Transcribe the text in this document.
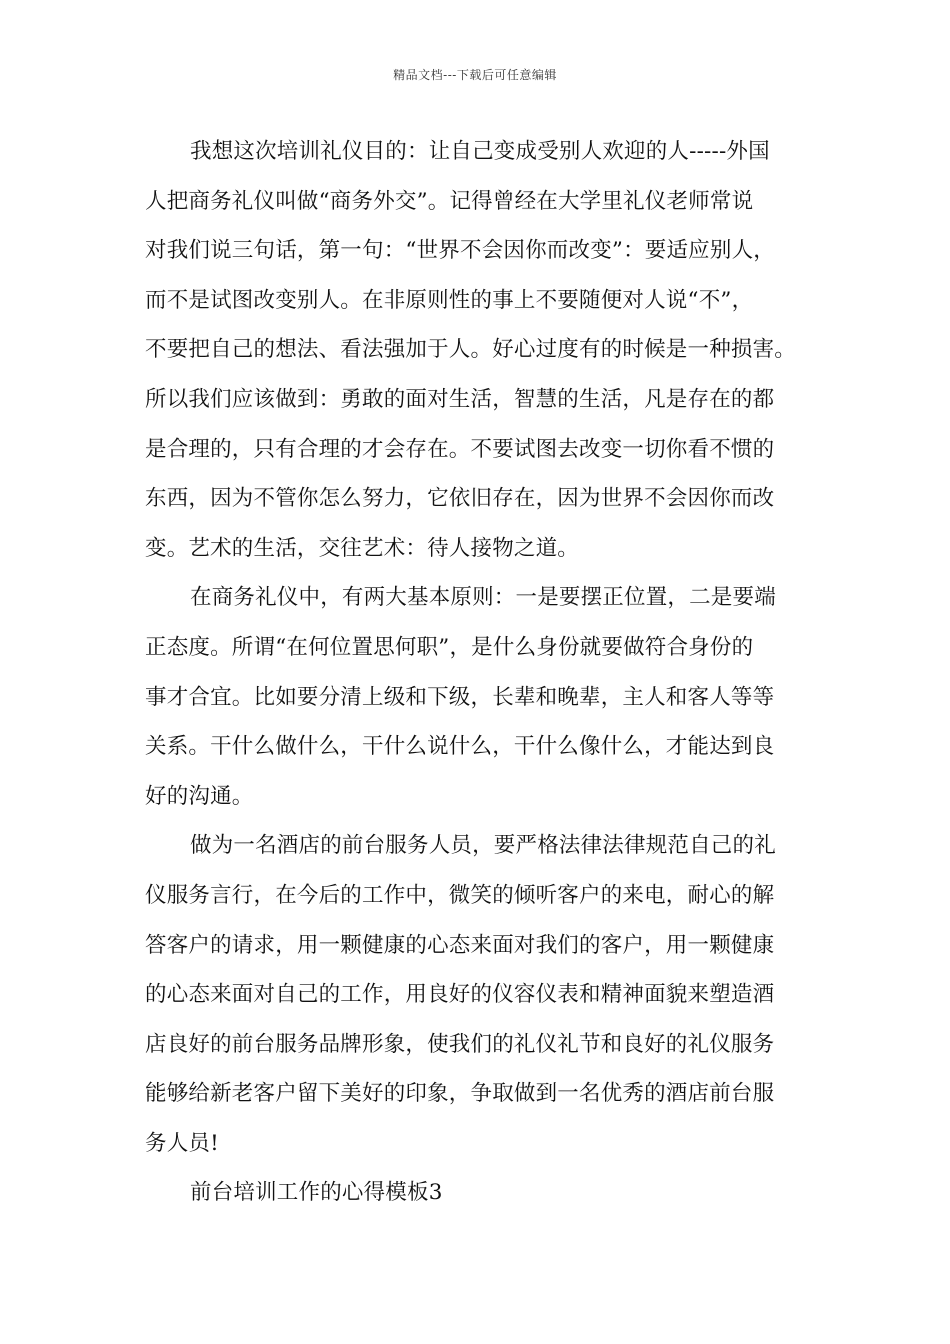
精品文档---下载后可任意编辑
我想这次培训礼仪目的：让自己变成受别人欢迎的人-----外国
人把商务礼仪叫做“商务外交”。记得曾经在大学里礼仪老师常说
对我们说三句话，第一句：“世界不会因你而改变”：要适应别人，
而不是试图改变别人。在非原则性的事上不要随便对人说“不”，
不要把自己的想法、看法强加于人。好心过度有的时候是一种损害。
所以我们应该做到：勇敢的面对生活，智慧的生活，凡是存在的都
是合理的，只有合理的才会存在。不要试图去改变一切你看不惯的
东西，因为不管你怎么努力，它依旧存在，因为世界不会因你而改
变。艺术的生活，交往艺术：待人接物之道。
在商务礼仪中，有两大基本原则：一是要摆正位置，二是要端
正态度。所谓“在何位置思何职”，是什么身份就要做符合身份的
事才合宜。比如要分清上级和下级，长辈和晚辈，主人和客人等等
关系。干什么做什么，干什么说什么，干什么像什么，才能达到良
好的沟通。
做为一名酒店的前台服务人员，要严格法律法律规范自己的礼
仪服务言行，在今后的工作中，微笑的倾听客户的来电，耐心的解
答客户的请求，用一颗健康的心态来面对我们的客户，用一颗健康
的心态来面对自己的工作，用良好的仪容仪表和精神面貌来塑造酒
店良好的前台服务品牌形象，使我们的礼仪礼节和良好的礼仪服务
能够给新老客户留下美好的印象，争取做到一名优秀的酒店前台服
务人员!
前台培训工作的心得模板3
